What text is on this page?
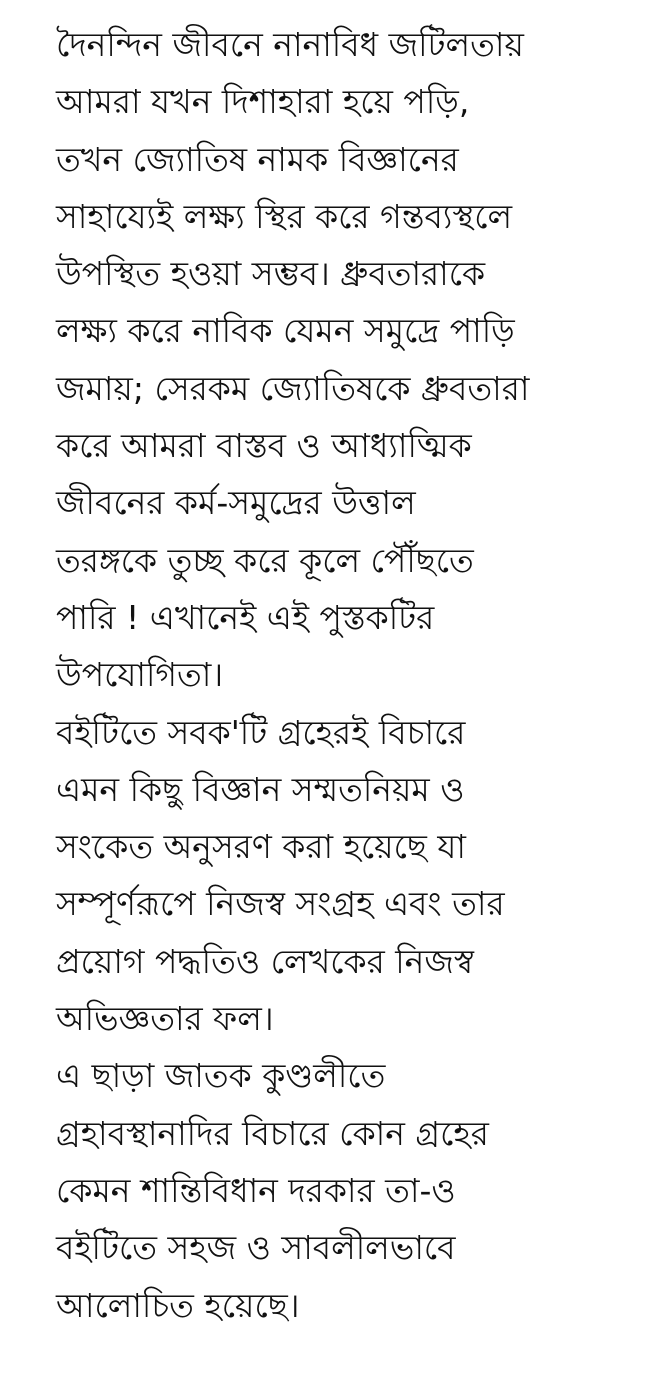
দৈনন্দিন জীবনে নানাবিধ জটিলতায়
আমরা যখন দিশাহারা হয়ে পড়ি,
তখন জ্যোতিষ নামক বিজ্ঞানের
সাহায্যেই লক্ষ্য স্থির করে গন্তব্যস্থলে
উপস্থিত হওয়া সম্ভব। ধ্রুবতারাকে
লক্ষ্য করে নাবিক যেমন সমুদ্রে পাড়ি
জমায়; সেরকম জ্যোতিষকে ধ্রুবতারা
করে আমরা বাস্তব ও আধ্যাত্মিক
জীবনের কর্ম-সমুদ্রের উত্তাল
তরঙ্গকে তুচ্ছ করে কূলে পৌঁছতে
পারি ! এখানেই এই পুস্তকটির
উপযোগিতা।
বইটিতে সবক'টি গ্রহেরই বিচারে
এমন কিছু বিজ্ঞান সম্মতনিয়ম ও
সংকেত অনুসরণ করা হয়েছে যা
সম্পূর্ণরূপে নিজস্ব সংগ্রহ এবং তার
প্রয়োগ পদ্ধতিও লেখকের নিজস্ব
অভিজ্ঞতার ফল।
এ ছাড়া জাতক কুণ্ডলীতে
গ্রহাবস্থানাদির বিচারে কোন গ্রহের
কেমন শান্তিবিধান দরকার তা-ও
বইটিতে সহজ ও সাবলীলভাবে
আলোচিত হয়েছে।
